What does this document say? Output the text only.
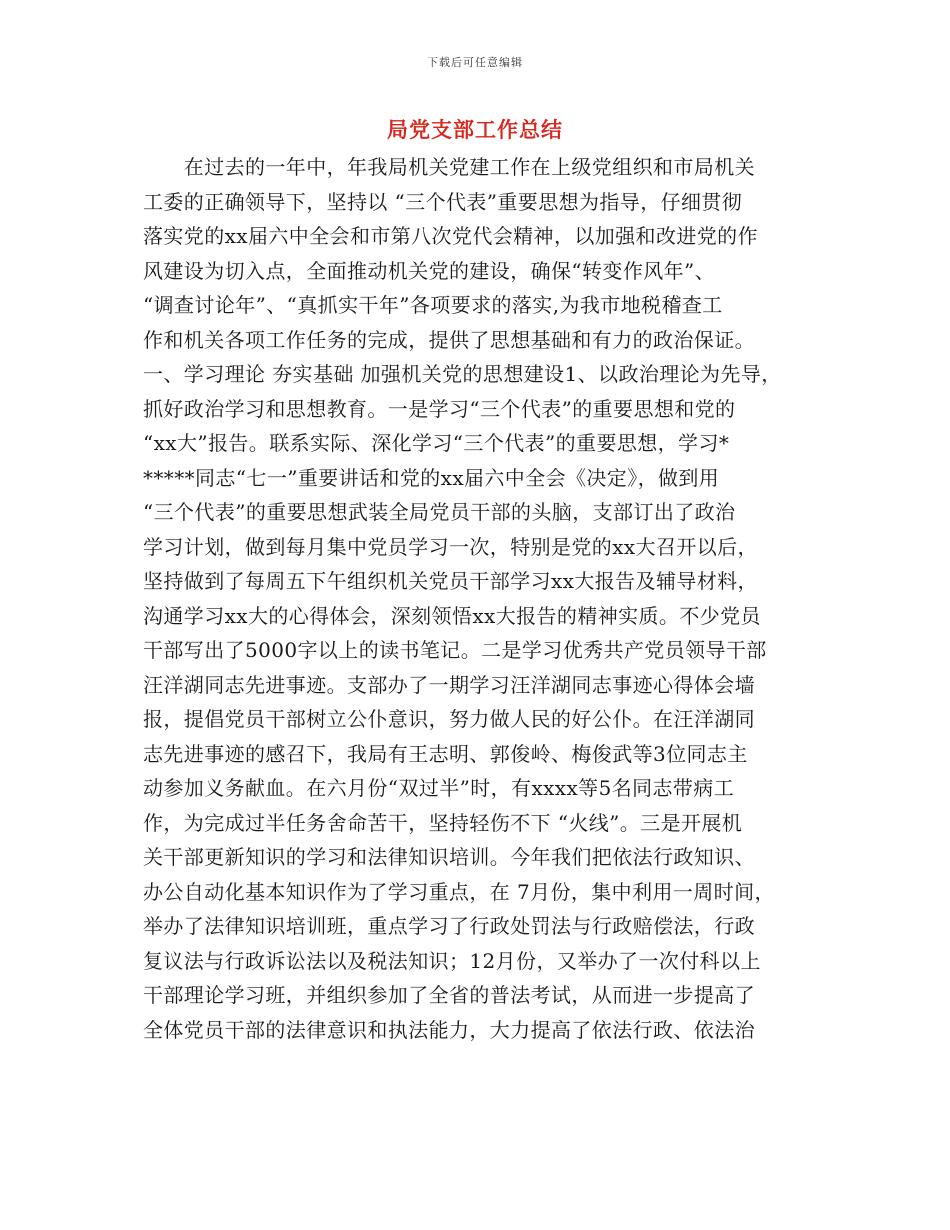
下载后可任意编辑
局党支部工作总结
　　在过去的一年中，年我局机关党建工作在上级党组织和市局机关
工委的正确领导下，坚持以 “三个代表”重要思想为指导，仔细贯彻
落实党的xx届六中全会和市第八次党代会精神，以加强和改进党的作
风建设为切入点，全面推动机关党的建设，确保“转变作风年”、
“调查讨论年”、“真抓实干年”各项要求的落实,为我市地税稽查工
作和机关各项工作任务的完成，提供了思想基础和有力的政治保证。
一、学习理论 夯实基础 加强机关党的思想建设1、以政治理论为先导，
抓好政治学习和思想教育。一是学习“三个代表”的重要思想和党的
“xx大”报告。联系实际、深化学习“三个代表”的重要思想，学习*
*****同志“七一”重要讲话和党的xx届六中全会《决定》，做到用
“三个代表”的重要思想武装全局党员干部的头脑，支部订出了政治
学习计划，做到每月集中党员学习一次，特别是党的xx大召开以后，
坚持做到了每周五下午组织机关党员干部学习xx大报告及辅导材料，
沟通学习xx大的心得体会，深刻领悟xx大报告的精神实质。不少党员
干部写出了5000字以上的读书笔记。二是学习优秀共产党员领导干部
汪洋湖同志先进事迹。支部办了一期学习汪洋湖同志事迹心得体会墙
报，提倡党员干部树立公仆意识，努力做人民的好公仆。在汪洋湖同
志先进事迹的感召下，我局有王志明、郭俊岭、梅俊武等3位同志主
动参加义务献血。在六月份“双过半”时，有xxxx等5名同志带病工
作，为完成过半任务舍命苦干，坚持轻伤不下 “火线”。三是开展机
关干部更新知识的学习和法律知识培训。今年我们把依法行政知识、
办公自动化基本知识作为了学习重点，在 7月份，集中利用一周时间，
举办了法律知识培训班，重点学习了行政处罚法与行政赔偿法，行政
复议法与行政诉讼法以及税法知识；12月份，又举办了一次付科以上
干部理论学习班，并组织参加了全省的普法考试，从而进一步提高了
全体党员干部的法律意识和执法能力，大力提高了依法行政、依法治
